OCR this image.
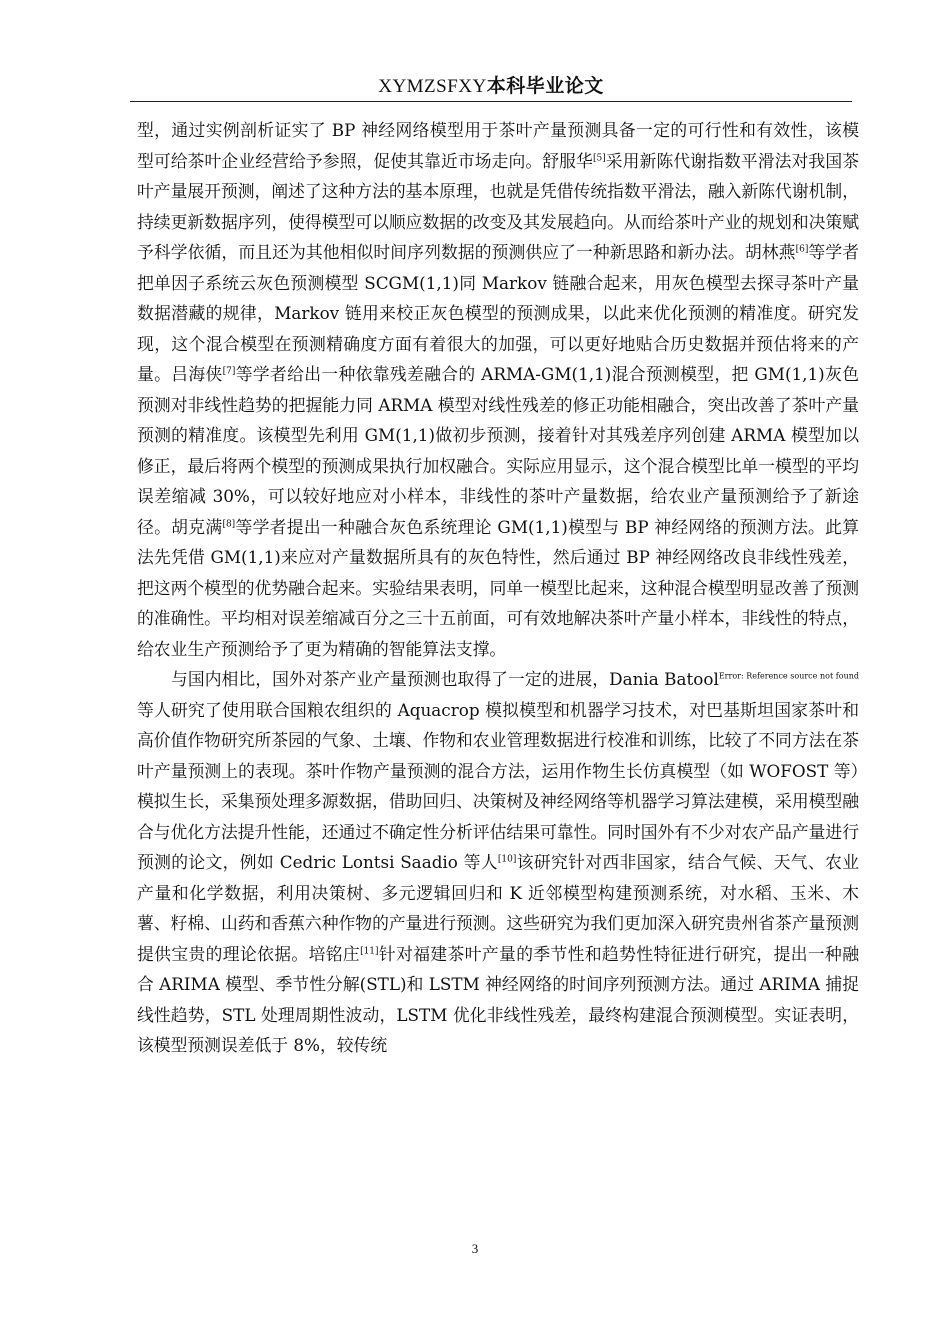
XYMZSFXY本科毕业论文

型，通过实例剖析证实了 BP 神经网络模型用于茶叶产量预测具备一定的可行性和有效性，该模型可给茶叶企业经营给予参照，促使其靠近市场走向。舒服华[5]采用新陈代谢指数平滑法对我国茶叶产量展开预测，阐述了这种方法的基本原理，也就是凭借传统指数平滑法，融入新陈代谢机制，持续更新数据序列，使得模型可以顺应数据的改变及其发展趋向。从而给茶叶产业的规划和决策赋予科学依循，而且还为其他相似时间序列数据的预测供应了一种新思路和新办法。胡林燕[6]等学者把单因子系统云灰色预测模型 SCGM(1,1)同 Markov 链融合起来，用灰色模型去探寻茶叶产量数据潜藏的规律，Markov 链用来校正灰色模型的预测成果，以此来优化预测的精准度。研究发现，这个混合模型在预测精确度方面有着很大的加强，可以更好地贴合历史数据并预估将来的产量。吕海侠[7]等学者给出一种依靠残差融合的 ARMA-GM(1,1)混合预测模型，把 GM(1,1)灰色预测对非线性趋势的把握能力同 ARMA 模型对线性残差的修正功能相融合，突出改善了茶叶产量预测的精准度。该模型先利用 GM(1,1)做初步预测，接着针对其残差序列创建 ARMA 模型加以修正，最后将两个模型的预测成果执行加权融合。实际应用显示，这个混合模型比单一模型的平均误差缩减 30%，可以较好地应对小样本，非线性的茶叶产量数据，给农业产量预测给予了新途径。胡克满[8]等学者提出一种融合灰色系统理论 GM(1,1)模型与 BP 神经网络的预测方法。此算法先凭借 GM(1,1)来应对产量数据所具有的灰色特性，然后通过 BP 神经网络改良非线性残差，把这两个模型的优势融合起来。实验结果表明，同单一模型比起来，这种混合模型明显改善了预测的准确性。平均相对误差缩减百分之三十五前面，可有效地解决茶叶产量小样本，非线性的特点，给农业生产预测给予了更为精确的智能算法支撑。

与国内相比，国外对茶产业产量预测也取得了一定的进展，Dania Batool$^{Error: Reference source not found}$等人研究了使用联合国粮农组织的 Aquacrop 模拟模型和机器学习技术，对巴基斯坦国家茶叶和高价值作物研究所茶园的气象、土壤、作物和农业管理数据进行校准和训练，比较了不同方法在茶叶产量预测上的表现。茶叶作物产量预测的混合方法，运用作物生长仿真模型（如 WOFOST 等）模拟生长，采集预处理多源数据，借助回归、决策树及神经网络等机器学习算法建模，采用模型融合与优化方法提升性能，还通过不确定性分析评估结果可靠性。同时国外有不少对农产品产量进行预测的论文，例如 Cedric Lontsi Saadio 等人[10]该研究针对西非国家，结合气候、天气、农业产量和化学数据，利用决策树、多元逻辑回归和 K 近邻模型构建预测系统，对水稻、玉米、木薯、籽棉、山药和香蕉六种作物的产量进行预测。这些研究为我们更加深入研究贵州省茶产量预测提供宝贵的理论依据。培铭庄[11]针对福建茶叶产量的季节性和趋势性特征进行研究，提出一种融合 ARIMA 模型、季节性分解(STL)和 LSTM 神经网络的时间序列预测方法。通过 ARIMA 捕捉线性趋势，STL 处理周期性波动，LSTM 优化非线性残差，最终构建混合预测模型。实证表明，该模型预测误差低于 8%，较传统

3
